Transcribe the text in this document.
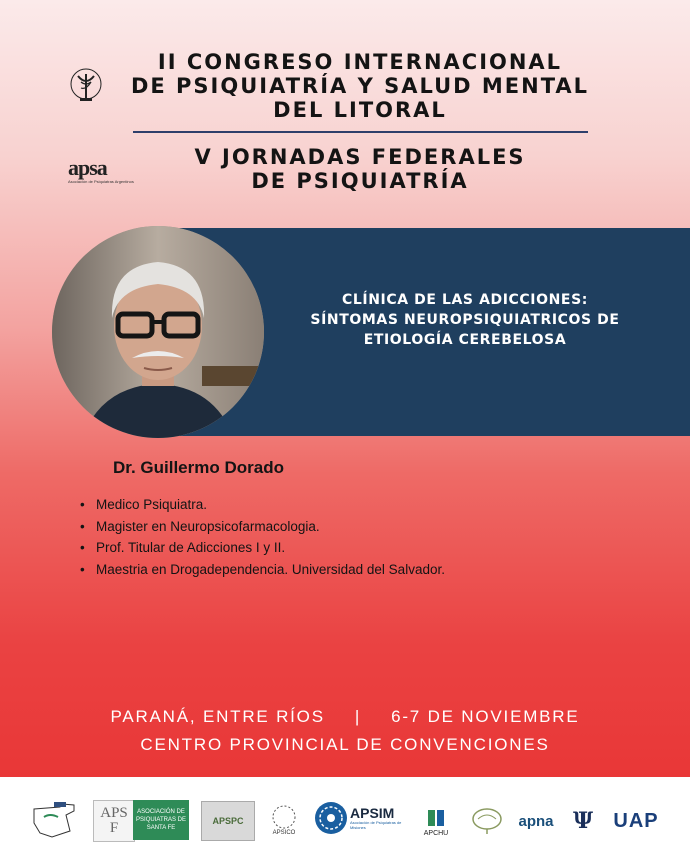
II CONGRESO INTERNACIONAL
DE PSIQUIATRÍA Y SALUD MENTAL
DEL LITORAL
apsa
Asociación de Psiquiatras Argentinos
V JORNADAS FEDERALES
DE PSIQUIATRÍA
CLÍNICA DE LAS ADICCIONES:
SÍNTOMAS NEUROPSIQUIATRICOS DE
ETIOLOGÍA CEREBELOSA
Dr. Guillermo Dorado
• Medico Psiquiatra.
• Magister en Neuropsicofarmacologia.
• Prof. Titular de Adicciones I y II.
• Maestria en Drogadependencia. Universidad del Salvador.
PARANÁ, ENTRE RÍOS | 6-7 DE NOVIEMBRE
CENTRO PROVINCIAL DE CONVENCIONES
APSF
ASOCIACIÓN DE PSIQUIATRAS DE SANTA FE
APSPC
APSICO
APSIM
Asociación de Psiquiatras de Misiones
APCHU
apna Ψ UAP
